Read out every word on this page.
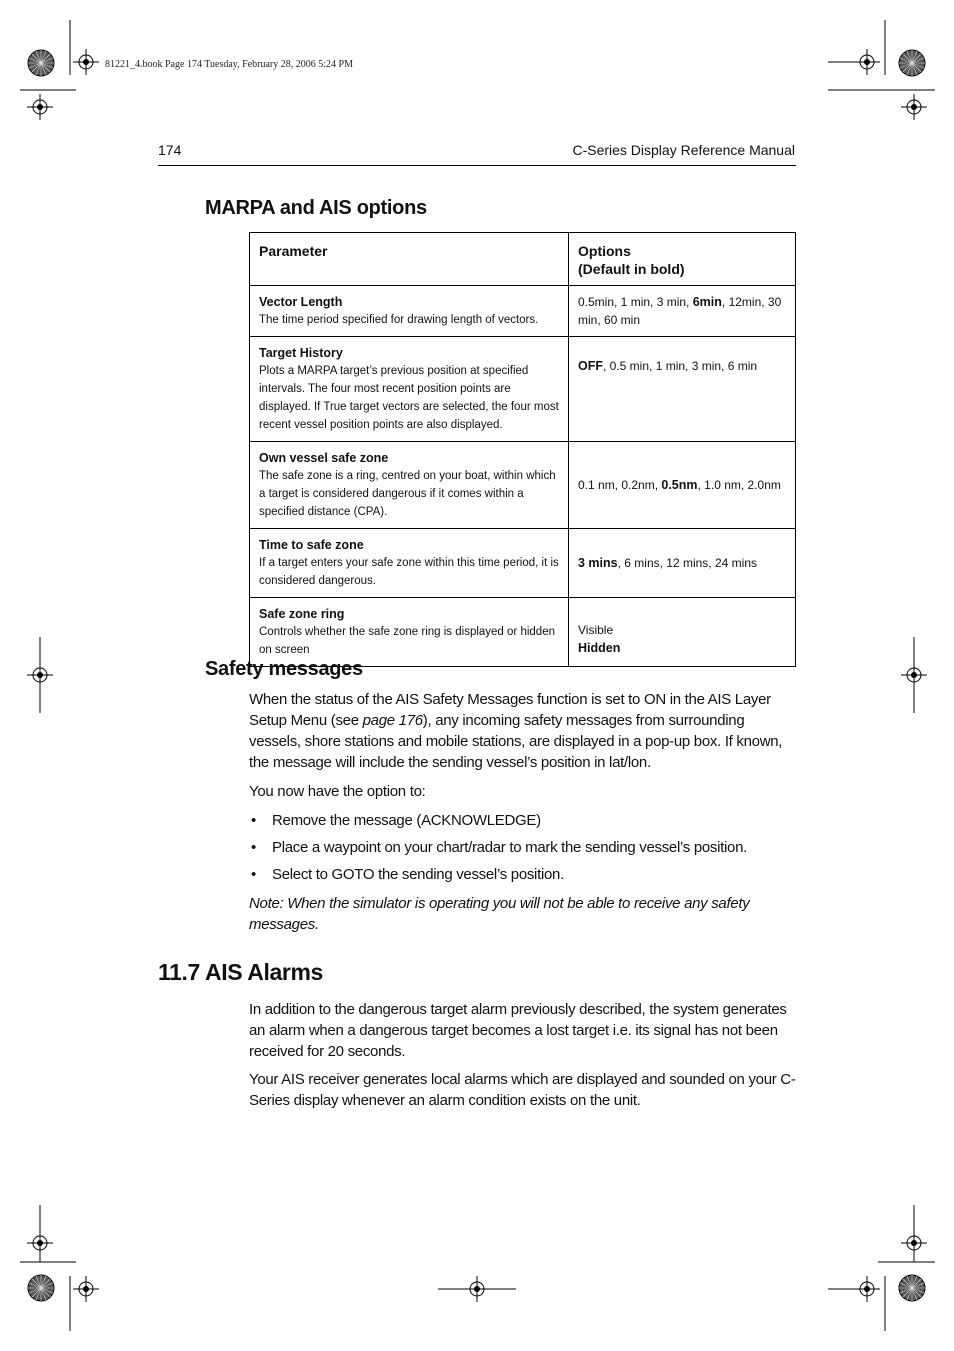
81221_4.book Page 174 Tuesday, February 28, 2006 5:24 PM
174	C-Series Display Reference Manual
MARPA and AIS options
Parameter	Options
(Default in bold)

Vector Length
The time period specified for drawing length of vectors.	0.5min, 1 min, 3 min, 6min, 12min, 30 min, 60 min

Target History
Plots a MARPA target’s previous position at specified intervals. The four most recent position points are displayed. If True target vectors are selected, the four most recent vessel position points are also displayed.	OFF, 0.5 min, 1 min, 3 min, 6 min

Own vessel safe zone
The safe zone is a ring, centred on your boat, within which a target is considered dangerous if it comes within a specified distance (CPA).	0.1 nm, 0.2nm, 0.5nm, 1.0 nm, 2.0nm

Time to safe zone
If a target enters your safe zone within this time period, it is considered dangerous.	3 mins, 6 mins, 12 mins, 24 mins

Safe zone ring
Controls whether the safe zone ring is displayed or hidden on screen	Visible
Hidden
Safety messages
When the status of the AIS Safety Messages function is set to ON in the AIS Layer Setup Menu (see page 176), any incoming safety messages from surrounding vessels, shore stations and mobile stations, are displayed in a pop-up box. If known, the message will include the sending vessel’s position in lat/lon.
You now have the option to:
• Remove the message (ACKNOWLEDGE)
• Place a waypoint on your chart/radar to mark the sending vessel’s position.
• Select to GOTO the sending vessel’s position.
Note: When the simulator is operating you will not be able to receive any safety messages.
11.7 AIS Alarms
In addition to the dangerous target alarm previously described, the system generates an alarm when a dangerous target becomes a lost target i.e. its signal has not been received for 20 seconds.
Your AIS receiver generates local alarms which are displayed and sounded on your C-Series display whenever an alarm condition exists on the unit.
